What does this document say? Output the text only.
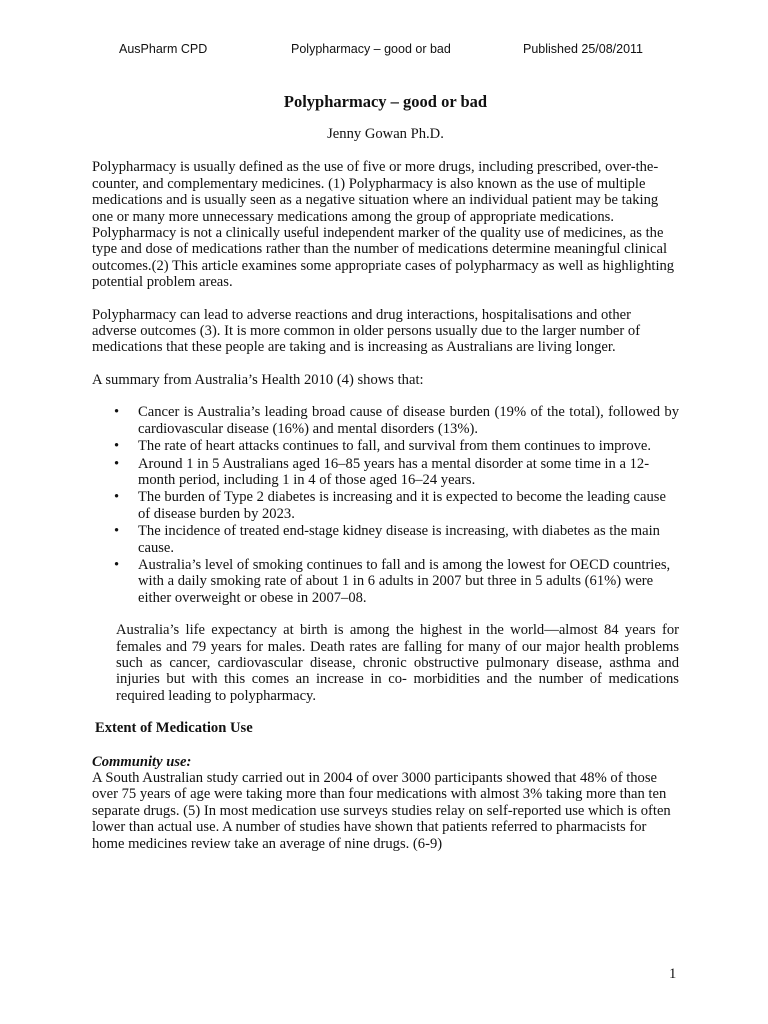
AusPharm CPD	Polypharmacy – good or bad	Published 25/08/2011
Polypharmacy – good or bad
Jenny Gowan Ph.D.

Polypharmacy is usually defined as the use of five or more drugs, including prescribed, over-the-counter, and complementary medicines. (1) Polypharmacy is also known as the use of multiple medications and is usually seen as a negative situation where an individual patient may be taking one or many more unnecessary medications among the group of appropriate medications. Polypharmacy is not a clinically useful independent marker of the quality use of medicines, as the type and dose of medications rather than the number of medications determine meaningful clinical outcomes.(2) This article examines some appropriate cases of polypharmacy as well as highlighting potential problem areas.

Polypharmacy can lead to adverse reactions and drug interactions, hospitalisations and other adverse outcomes (3). It is more common in older persons usually due to the larger number of medications that these people are taking and is increasing as Australians are living longer.

A summary from Australia’s Health 2010 (4) shows that:

• Cancer is Australia’s leading broad cause of disease burden (19% of the total), followed by cardiovascular disease (16%) and mental disorders (13%).
• The rate of heart attacks continues to fall, and survival from them continues to improve.
• Around 1 in 5 Australians aged 16–85 years has a mental disorder at some time in a 12-month period, including 1 in 4 of those aged 16–24 years.
• The burden of Type 2 diabetes is increasing and it is expected to become the leading cause of disease burden by 2023.
• The incidence of treated end-stage kidney disease is increasing, with diabetes as the main cause.
• Australia’s level of smoking continues to fall and is among the lowest for OECD countries, with a daily smoking rate of about 1 in 6 adults in 2007 but three in 5 adults (61%) were either overweight or obese in 2007–08.

Australia’s life expectancy at birth is among the highest in the world—almost 84 years for females and 79 years for males. Death rates are falling for many of our major health problems such as cancer, cardiovascular disease, chronic obstructive pulmonary disease, asthma and injuries but with this comes an increase in co- morbidities and the number of medications required leading to polypharmacy.

Extent of Medication Use
Community use:

A South Australian study carried out in 2004 of over 3000 participants showed that 48% of those over 75 years of age were taking more than four medications with almost 3% taking more than ten separate drugs. (5) In most medication use surveys studies relay on self-reported use which is often lower than actual use. A number of studies have shown that patients referred to pharmacists for home medicines review take an average of nine drugs. (6-9)

1
